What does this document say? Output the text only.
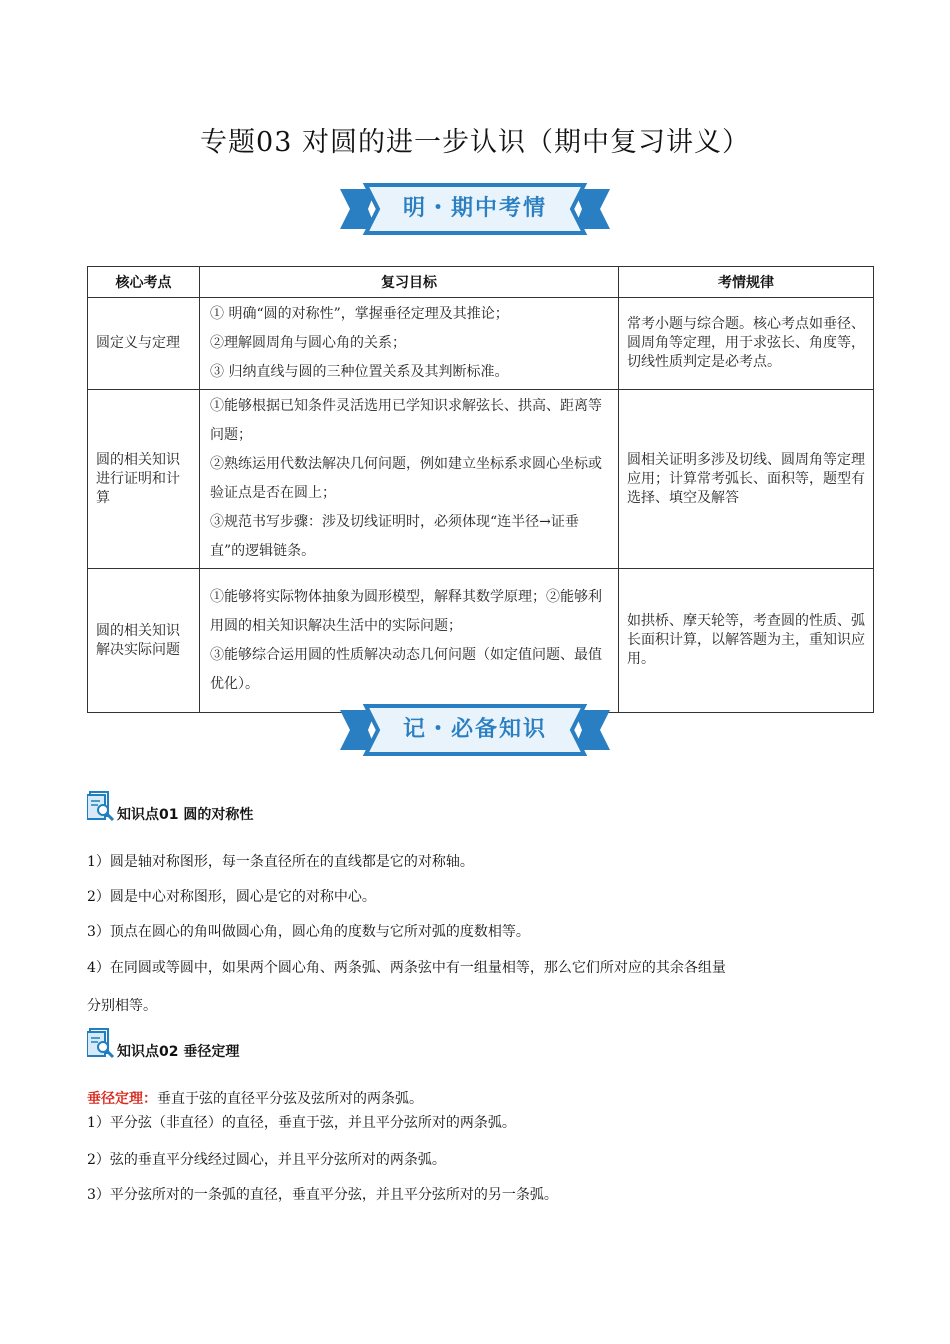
专题03 对圆的进一步认识（期中复习讲义）
明・期中考情
核心考点	复习目标	考情规律
圆定义与定理	① 明确“圆的对称性”，掌握垂径定理及其推论；
②理解圆周角与圆心角的关系；
③ 归纳直线与圆的三种位置关系及其判断标准。	常考小题与综合题。核心考点如垂径、圆周角等定理，用于求弦长、角度等，切线性质判定是必考点。
圆的相关知识进行证明和计算	①能够根据已知条件灵活选用已学知识求解弦长、拱高、距离等问题；
②熟练运用代数法解决几何问题，例如建立坐标系求圆心坐标或验证点是否在圆上；
③规范书写步骤：涉及切线证明时，必须体现“连半径→证垂直”的逻辑链条。	圆相关证明多涉及切线、圆周角等定理应用；计算常考弧长、面积等，题型有选择、填空及解答
圆的相关知识解决实际问题	①能够将实际物体抽象为圆形模型，解释其数学原理；②能够利用圆的相关知识解决生活中的实际问题；
③能够综合运用圆的性质解决动态几何问题（如定值问题、最值优化）。	如拱桥、摩天轮等，考查圆的性质、弧长面积计算，以解答题为主，重知识应用。
记・必备知识
知识点01 圆的对称性
1）圆是轴对称图形，每一条直径所在的直线都是它的对称轴。
2）圆是中心对称图形，圆心是它的对称中心。
3）顶点在圆心的角叫做圆心角，圆心角的度数与它所对弧的度数相等。
4）在同圆或等圆中，如果两个圆心角、两条弧、两条弦中有一组量相等，那么它们所对应的其余各组量
分别相等。
知识点02 垂径定理
垂径定理：垂直于弦的直径平分弦及弦所对的两条弧。
1）平分弦（非直径）的直径，垂直于弦，并且平分弦所对的两条弧。
2）弦的垂直平分线经过圆心，并且平分弦所对的两条弧。
3）平分弦所对的一条弧的直径，垂直平分弦，并且平分弦所对的另一条弧。
